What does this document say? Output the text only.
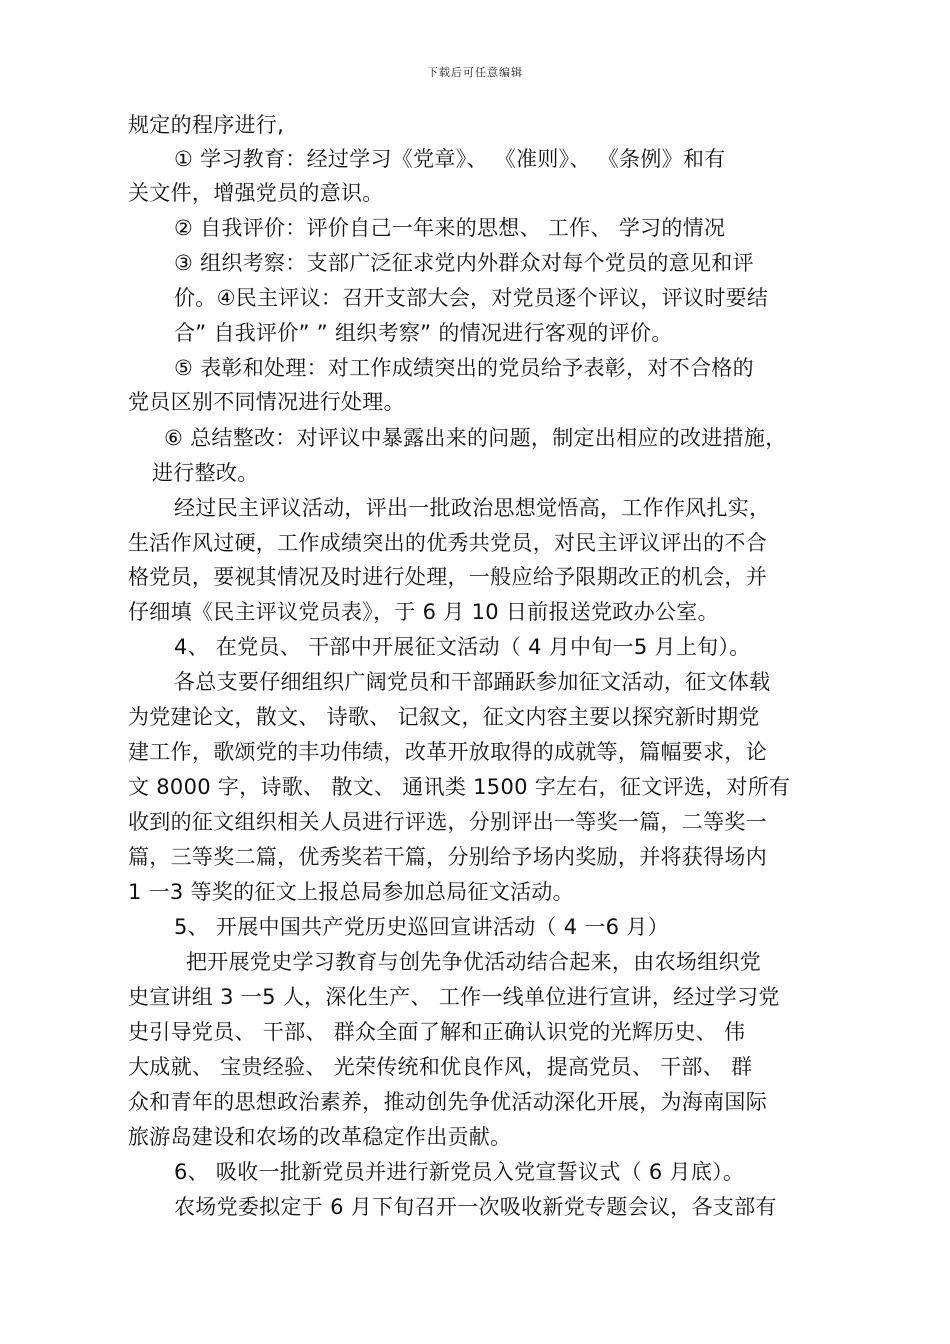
下载后可任意编辑
规定的程序进行,
① 学习教育：经过学习《党章》、 《准则》、 《条例》和有
关文件，增强党员的意识。
② 自我评价：评价自己一年来的思想、 工作、 学习的情况
③ 组织考察：支部广泛征求党内外群众对每个党员的意见和评
价。④民主评议：召开支部大会，对党员逐个评议，评议时要结
合” 自我评价” ” 组织考察” 的情况进行客观的评价。
⑤ 表彰和处理：对工作成绩突出的党员给予表彰，对不合格的
党员区别不同情况进行处理。
⑥ 总结整改：对评议中暴露出来的问题，制定出相应的改进措施，
进行整改。
经过民主评议活动，评出一批政治思想觉悟高，工作作风扎实，
生活作风过硬，工作成绩突出的优秀共党员，对民主评议评出的不合
格党员，要视其情况及时进行处理，一般应给予限期改正的机会，并
仔细填《民主评议党员表》，于 6 月 10 日前报送党政办公室。
4、 在党员、 干部中开展征文活动（ 4 月中旬一5 月上旬）。
各总支要仔细组织广阔党员和干部踊跃参加征文活动，征文体载
为党建论文，散文、 诗歌、 记叙文，征文内容主要以探究新时期党
建工作，歌颂党的丰功伟绩，改革开放取得的成就等，篇幅要求，论
文 8000 字，诗歌、 散文、 通讯类 1500 字左右，征文评选，对所有
收到的征文组织相关人员进行评选，分别评出一等奖一篇，二等奖一
篇，三等奖二篇，优秀奖若干篇，分别给予场内奖励，并将获得场内
1 一3 等奖的征文上报总局参加总局征文活动。
5、 开展中国共产党历史巡回宣讲活动（ 4 一6 月）
把开展党史学习教育与创先争优活动结合起来，由农场组织党
史宣讲组 3 一5 人，深化生产、 工作一线单位进行宣讲，经过学习党
史引导党员、 干部、 群众全面了解和正确认识党的光辉历史、 伟
大成就、 宝贵经验、 光荣传统和优良作风，提高党员、 干部、 群
众和青年的思想政治素养，推动创先争优活动深化开展，为海南国际
旅游岛建设和农场的改革稳定作出贡献。
6、 吸收一批新党员并进行新党员入党宣誓议式（ 6 月底）。
农场党委拟定于 6 月下旬召开一次吸收新党专题会议，各支部有
